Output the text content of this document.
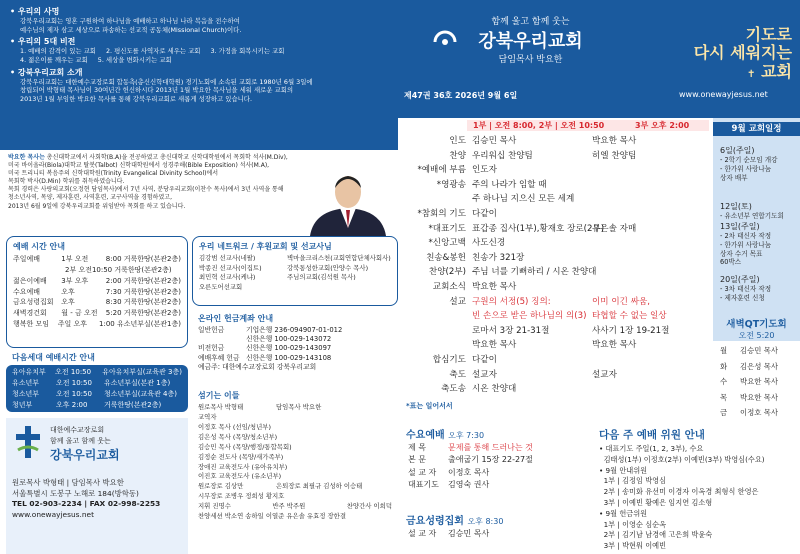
• 우리의 사명

강북우리교회는 영혼 구원하여 하나님을 예배하고 하나님 나라 복음을 전수하여

예수님의 제자 삼고 세상으로 파송하는 선교적 공동체(Missional Church)이다.

• 우리의 5대 비전

1. 예배의 감격이 있는 교회 2. 평신도를 사역자로 세우는 교회 3. 가정을 회복시키는 교회

4. 젊은이를 깨우는 교회 5. 세상을 변화시키는 교회

• 강북우리교회 소개

강북우리교회는 대한예수교장로회 합동측(총신신학대학원) 경기노회에 소속된 교회로 1980년 6월 3일에

창립되어 박형태 목사님이 30여년간 헌신하시다 2013년 1월 박요한 목사님을 세워 새로운 교회의

2013년 1월 부임한 박요한 목사를 통해 강북우리교회로 새롭게 성장하고 있습니다.

박요한 목사는 총신대학교에서 사회학(B.A)을 전공하였고 총신대학교 신학대학원에서 목회학 석사(M.Div),

미국 바이올라(Biola)대학교 탈봇(Talbot) 신학대학원에서 성경주해(Bible Exposition) 석사(M.A),

미국 트리니티 복음주의 신학대학원(Trinity Evangelical Divinity School)에서

목회학 박사(D.Min) 학위를 취득하였습니다.

목회 경력은 사랑의교회(오정현 담임목사)에서 7년 사역, 분당우리교회(이찬수 목사)에서 3년 사역을 통해

청소년사역, 목양, 제자훈련, 사역훈련, 교구사역을 경험하였고,

2013년 6월 9일에 강북우리교회를 위임받아 목회를 하고 있습니다.

예배 시간 안내
주일예배	1부 오전	8:00 거룩한땅(본관2층)
2부 오전10:50 거룩한땅(본관2층)
젊은이예배	3부 오후	2:00 거룩한땅(본관2층)
수요예배	오후	7:30 거룩한땅(본관2층)
금요성령집회	오후	8:30 거룩한땅(본관2층)
새벽경건회	월 - 금 오전	5:20 거룩한땅(본관2층)
행복한 모임	주일 오후	1:00 유소년부실(본관1층)
다음세대 예배시간 안내
유아유치부	오전 10:50	유아유치부실(교육관 3층)
유소년부	오전 10:50	유소년부실(본관 1층)
청소년부	오전 10:50	청소년부실(교육관 4층)
청년부	오후 2:00	거룩한땅(본관2층)
대한예수교장로회
함께 울고 함께 웃는
강북우리교회
원로목사 박형태 | 담임목사 박요한
서울특별시 도봉구 노해로 184(방학동)
TEL 02-903-2234 | FAX 02-998-2253
www.onewayjesus.net
우리 네트워크 / 후원교회 및 선교사님
김강범 선교사(네팔)	벽마을크리스천(교회연합단체사회사)
박종진 선교사(이집트)	강북통성한교회(안양수 목사)
최민혁 선교사(케냐)	주님의교회(김석원 목사)
오른도어선교회
온라인 헌금계좌 안내
일반헌금	기업은행 236-094907-01-012
신한은행 100-029-143072
비전헌금	신한은행 100-029-143097
예배후혜 헌금 신한은행 100-029-143108
예금주: 대한예수교장로회 강북우리교회
섬기는 이들
원로목사 박형태	담임목사 박요한
교역자
이정호 목사 (선임/청년부)
김은성 목사 (목양/청소년부)
김승민 목사 (목양/행정/통합목회)
김정순 전도사 (목양/새가족부)
장애진 교육전도사 (유아유치부)
이진호 교육전도사 (유소년부)
원로장로 김상만	은퇴장로 최필규 김성하 이승태
시무장로 조병우 정희성 황지호
지휘 진명수	반주 박주원	찬양간사 이희덕
찬양세션 박소연 송하일 이열준 유은솔 유효정 장한결
함께 울고 함께 웃는
강북우리교회
담임목사 박요한
기도로
다시 세워지는
✝ 교회
제47권 36호 2026년 9월 6일	www.onewayjesus.net
1부 | 오전 8:00, 2부 | 오전 10:50	3부 오후 2:00
인도 김승민 목사	박요한 목사
찬양 우리워십 찬양팀	히엘 찬양팀
*예배에 부름 인도자
*영광송 주의 나라가 임할 때
주 하나님 지으신 모든 세계
*참회의 기도 다같이
*대표기도 표갑종 집사(1부),황재호 장로(2부)
유은솔 자매
*신앙고백 사도신경
친송&봉헌 친송가 321장
찬양(2부) 주님 너를 기뻐하리 / 시온 찬양대
교회소식 박요한 목사
설교 구원의 서정(5) 징의:	이미 이긴 싸움,
빈 손으로 받은 하나님의 의(3) 타협할 수 없는 일상
로마서 3장 21-31절	사사기 1장 19-21절
박요한 목사	박요한 목사
합심기도 다같이
축도 설교자	설교자
축도송 시온 찬양대
*표는 일어서서
9월 교회일정
6일(주일)
- 2학기 순모임 개강
- 한가위 사랑나눔
상자 배부
12일(토)
- 유소년부 연합기도회
13일(주일)
- 2차 태신자 작정
- 한가위 사랑나눔
상자 수거 목표
60박스
20일(주일)
- 3차 태신자 작정
- 제자훈련 신청
새벽QT기도회
오전 5:20
월 김승민 목사
화 김은성 목사
수 박요한 목사
목 박요한 목사
금 이정호 목사
수요예배 오후 7:30
제 목	문제를 통해 드러나는 것
본 문	출애굽기 15장 22-27절
설 교 자	이정호 목사
대표기도	김영숙 권사
금요성령집회 오후 8:30
설 교 자	김승민 목사
다음 주 예배 위원 안내
• 대표기도 주일(1, 2, 3부), 수요
김태성(1부) 이정호(2부) 이예빈(3부) 박영심(수요)
• 9월 안내위원
1부 | 김정임 박영심
2부 | 송미화 유선미 이경자 이옥경 최형식 한영은
3부 | 이예빈 황예은 임지연 김소형
• 9월 헌금위원
1부 | 이영순 심순옥
2부 | 김기남 남경애 고은희 박윤숙
3부 | 박현워 이예빈
